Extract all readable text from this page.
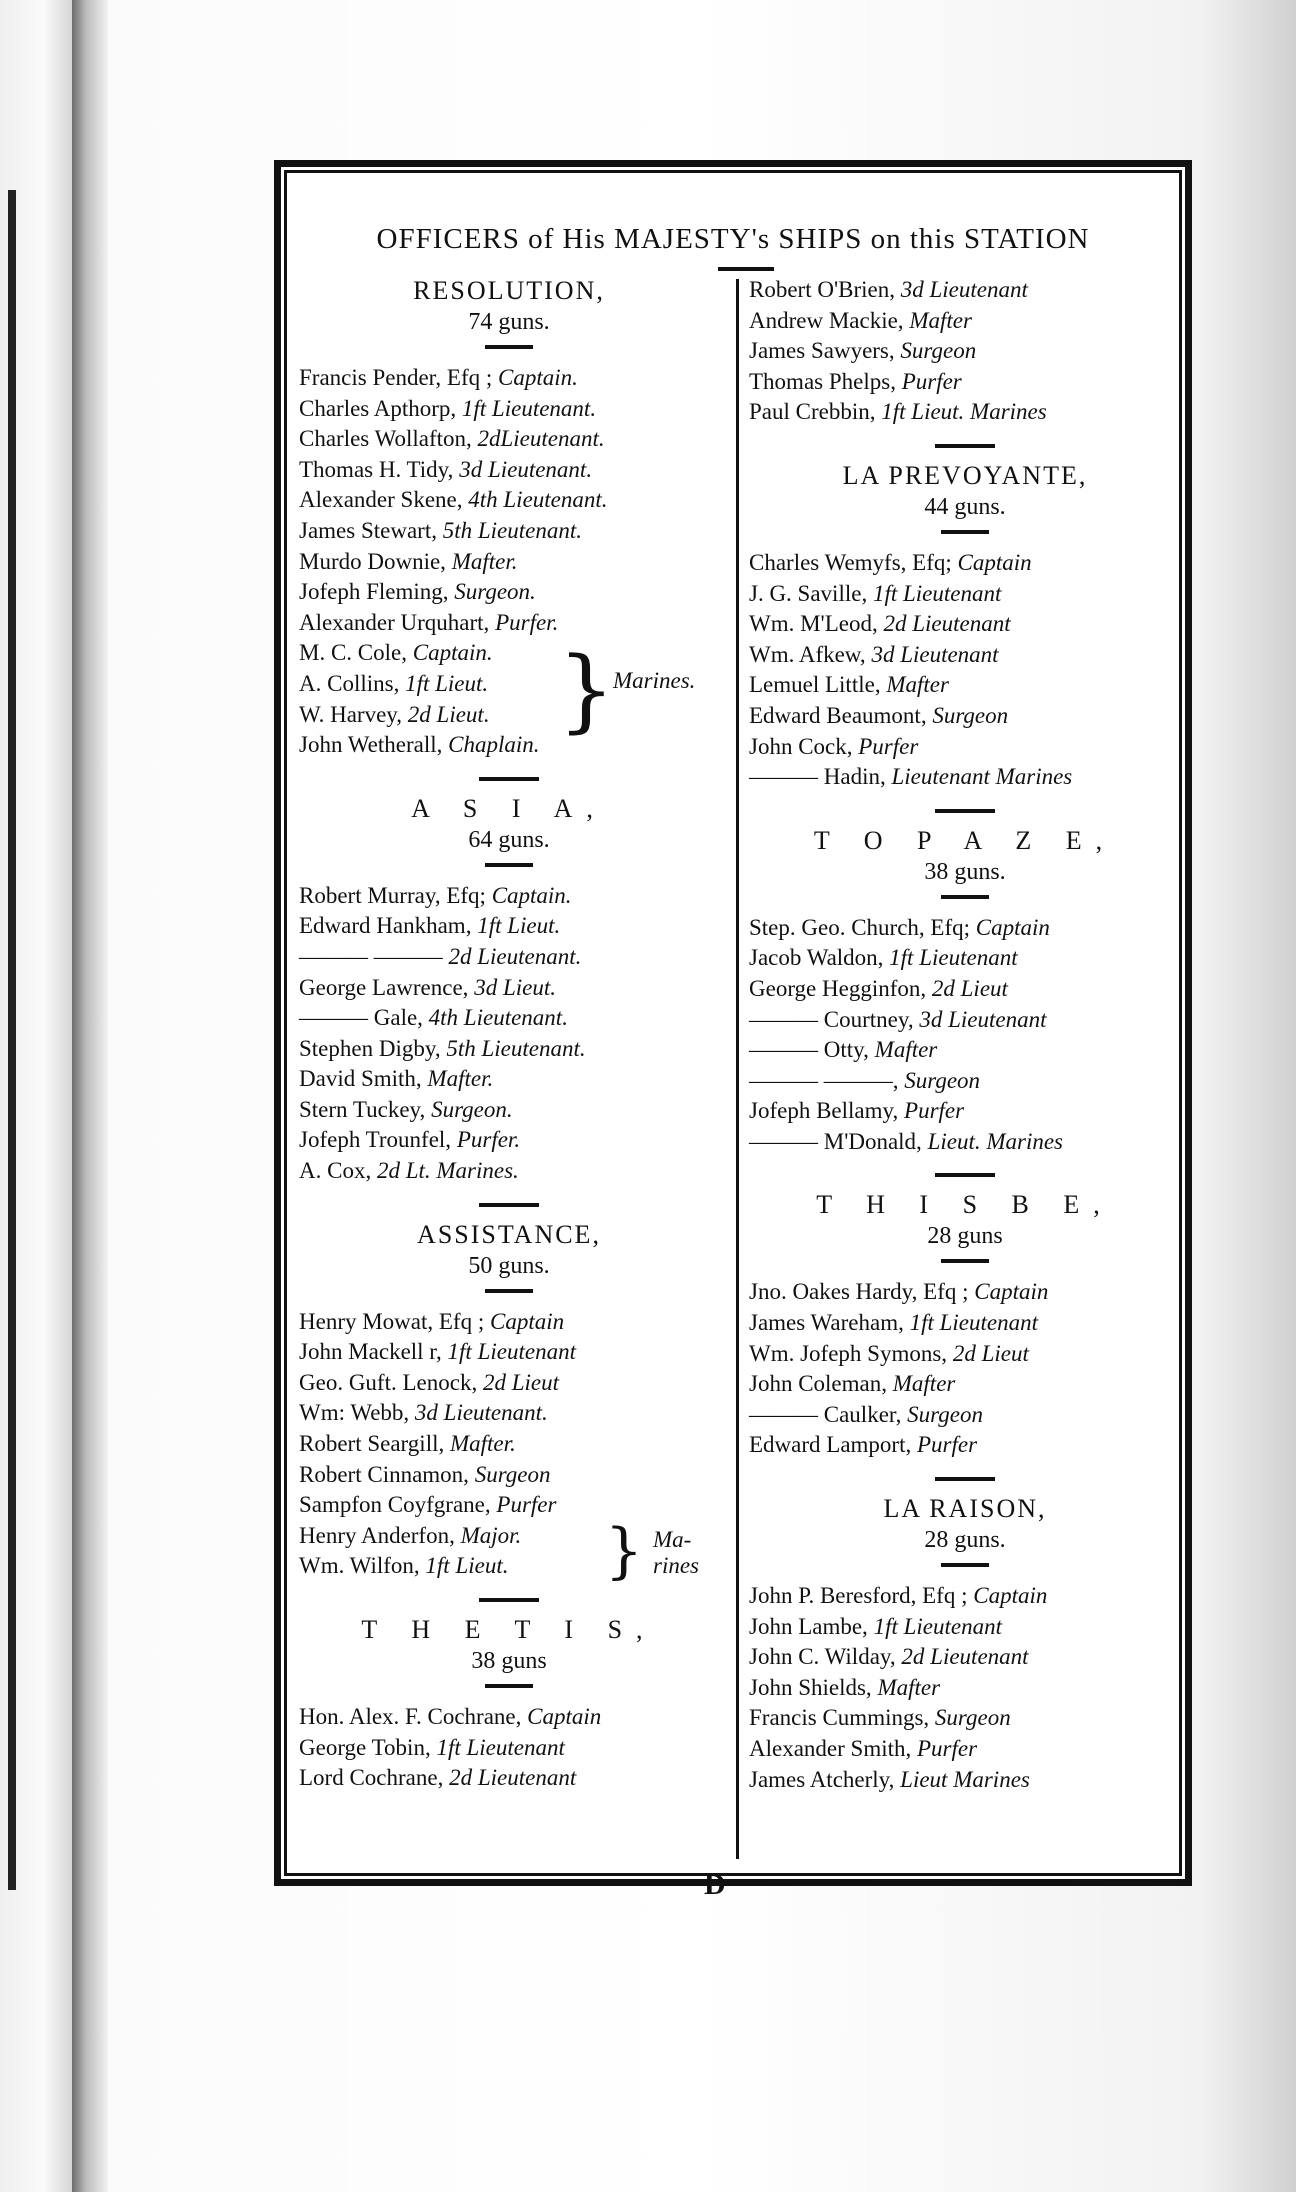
OFFICERS of His MAJESTY's SHIPS on this STATION
RESOLUTION,
74 guns.
Francis Pender, Efq ; Captain.
Charles Apthorp, 1ft Lieutenant.
Charles Wollafton, 2dLieutenant.
Thomas H. Tidy, 3d Lieutenant.
Alexander Skene, 4th Lieutenant.
James Stewart, 5th Lieutenant.
Murdo Downie, Mafter.
Jofeph Fleming, Surgeon.
Alexander Urquhart, Purfer.
M. C. Cole, Captain.
A. Collins, 1ft Lieut.
W. Harvey, 2d Lieut. }
Marines.
John Wetherall, Chaplain.
A S I A,
64 guns.
Robert Murray, Efq; Captain.
Edward Hankham, 1ft Lieut.
——— ——— 2d Lieutenant.
George Lawrence, 3d Lieut.
——— Gale, 4th Lieutenant.
Stephen Digby, 5th Lieutenant.
David Smith, Mafter.
Stern Tuckey, Surgeon.
Jofeph Trounfel, Purfer.
A. Cox, 2d Lt. Marines.
ASSISTANCE,
50 guns.
Henry Mowat, Efq ; Captain
John Mackell r, 1ft Lieutenant
Geo. Guft. Lenock, 2d Lieut
Wm: Webb, 3d Lieutenant.
Robert Seargill, Mafter.
Robert Cinnamon, Surgeon
Sampfon Coyfgrane, Purfer
Henry Anderfon, Major.
Wm. Wilfon, 1ft Lieut.	} Ma- rines
T H E T I S,
38 guns
Hon. Alex. F. Cochrane, Captain
George Tobin, 1ft Lieutenant
Lord Cochrane, 2d Lieutenant
Robert O'Brien, 3d Lieutenant
Andrew Mackie, Mafter
James Sawyers, Surgeon
Thomas Phelps, Purfer
Paul Crebbin, 1ft Lieut. Marines
LA PREVOYANTE,
44 guns.
Charles Wemyfs, Efq; Captain
J. G. Saville, 1ft Lieutenant
Wm. M'Leod, 2d Lieutenant
Wm. Afkew, 3d Lieutenant
Lemuel Little, Mafter
Edward Beaumont, Surgeon
John Cock, Purfer
——— Hadin, Lieutenant Marines
T O P A Z E,
38 guns.
Step. Geo. Church, Efq; Captain
Jacob Waldon, 1ft Lieutenant
George Hegginfon, 2d Lieut
——— Courtney, 3d Lieutenant
——— Otty, Mafter
——— ———, Surgeon
Jofeph Bellamy, Purfer
——— M'Donald, Lieut. Marines
T H I S B E,
28 guns
Jno. Oakes Hardy, Efq ; Captain
James Wareham, 1ft Lieutenant
Wm. Jofeph Symons, 2d Lieut
John Coleman, Mafter
——— Caulker, Surgeon
Edward Lamport, Purfer
LA RAISON,
28 guns.
John P. Beresford, Efq ; Captain
John Lambe, 1ft Lieutenant
John C. Wilday, 2d Lieutenant
John Shields, Mafter
Francis Cummings, Surgeon
Alexander Smith, Purfer
James Atcherly, Lieut Marines
D
